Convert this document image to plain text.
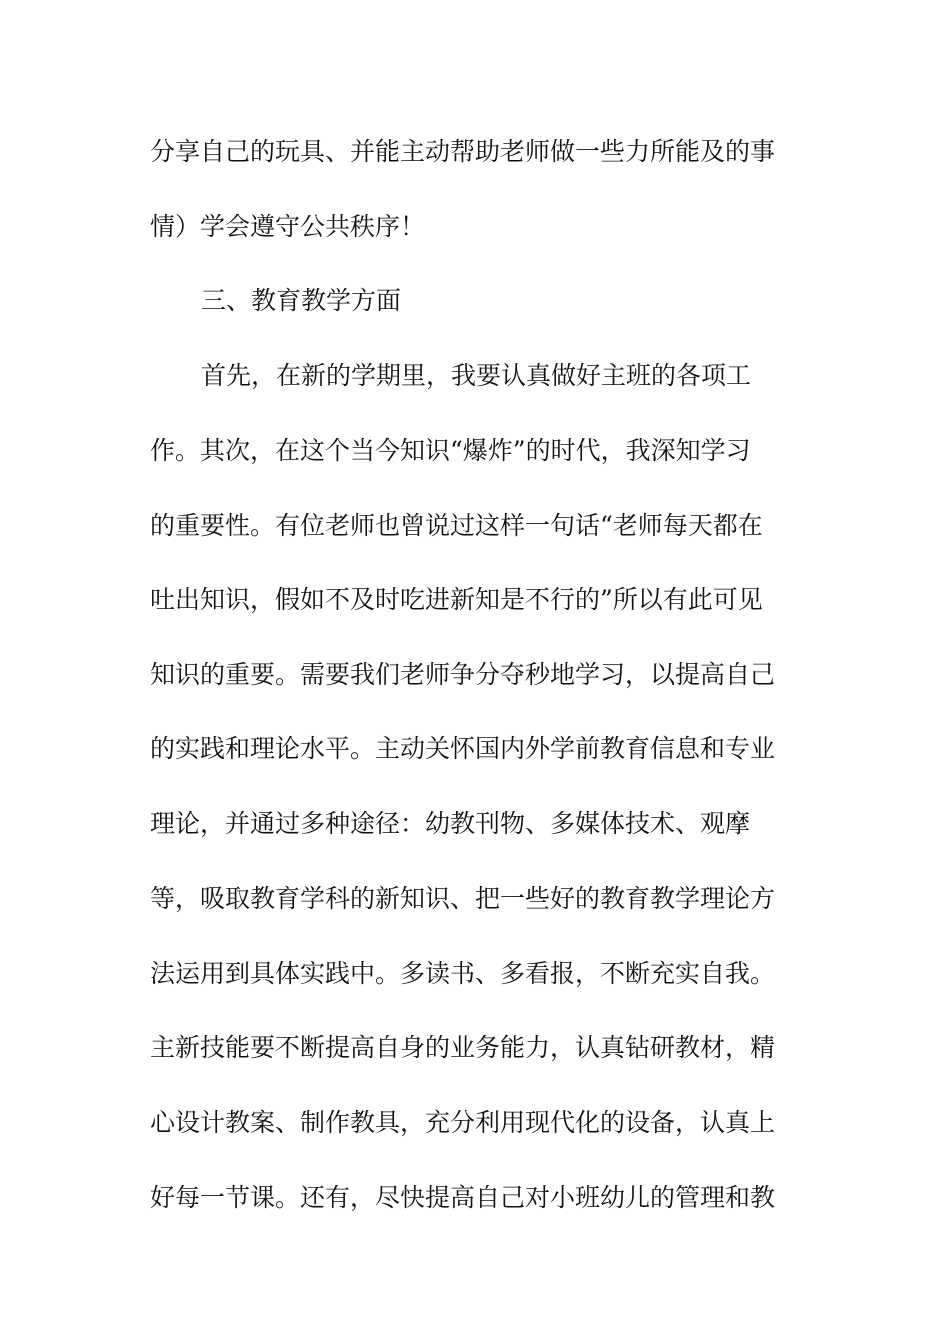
分享自己的玩具、并能主动帮助老师做一些力所能及的事
情）学会遵守公共秩序！
三、教育教学方面
首先，在新的学期里，我要认真做好主班的各项工
作。其次，在这个当今知识“爆炸”的时代，我深知学习
的重要性。有位老师也曾说过这样一句话“老师每天都在
吐出知识，假如不及时吃进新知是不行的”所以有此可见
知识的重要。需要我们老师争分夺秒地学习，以提高自己
的实践和理论水平。主动关怀国内外学前教育信息和专业
理论，并通过多种途径：幼教刊物、多媒体技术、观摩
等，吸取教育学科的新知识、把一些好的教育教学理论方
法运用到具体实践中。多读书、多看报，不断充实自我。
主新技能要不断提高自身的业务能力，认真钻研教材，精
心设计教案、制作教具，充分利用现代化的设备，认真上
好每一节课。还有，尽快提高自己对小班幼儿的管理和教
